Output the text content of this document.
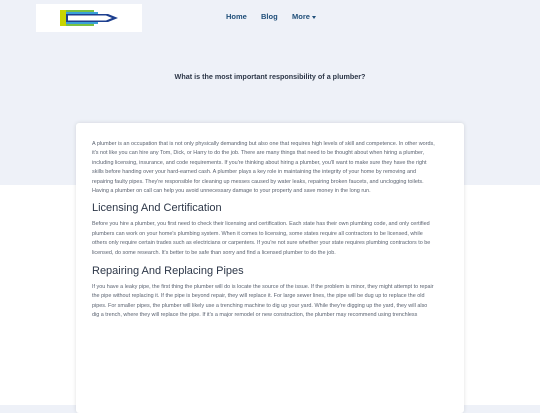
Home Blog More
What is the most important responsibility of a plumber?

A plumber is an occupation that is not only physically demanding but also one that requires high levels of skill and competence. In other words, it's not like you can hire any Tom, Dick, or Harry to do the job. There are many things that need to be thought about when hiring a plumber, including licensing, insurance, and code requirements. If you're thinking about hiring a plumber, you'll want to make sure they have the right skills before handing over your hard-earned cash. A plumber plays a key role in maintaining the integrity of your home by removing and repairing faulty pipes. They're responsible for cleaning up messes caused by water leaks, repairing broken faucets, and unclogging toilets. Having a plumber on call can help you avoid unnecessary damage to your property and save money in the long run.

Licensing And Certification

Before you hire a plumber, you first need to check their licensing and certification. Each state has their own plumbing code, and only certified plumbers can work on your home's plumbing system. When it comes to licensing, some states require all contractors to be licensed, while others only require certain trades such as electricians or carpenters. If you're not sure whether your state requires plumbing contractors to be licensed, do some research. It's better to be safe than sorry and find a licensed plumber to do the job.

Repairing And Replacing Pipes

If you have a leaky pipe, the first thing the plumber will do is locate the source of the issue. If the problem is minor, they might attempt to repair the pipe without replacing it. If the pipe is beyond repair, they will replace it. For large sewer lines, the pipe will be dug up to replace the old pipes. For smaller pipes, the plumber will likely use a trenching machine to dig up your yard. While they're digging up the yard, they will also dig a trench, where they will replace the pipe. If it's a major remodel or new construction, the plumber may recommend using trenchless
